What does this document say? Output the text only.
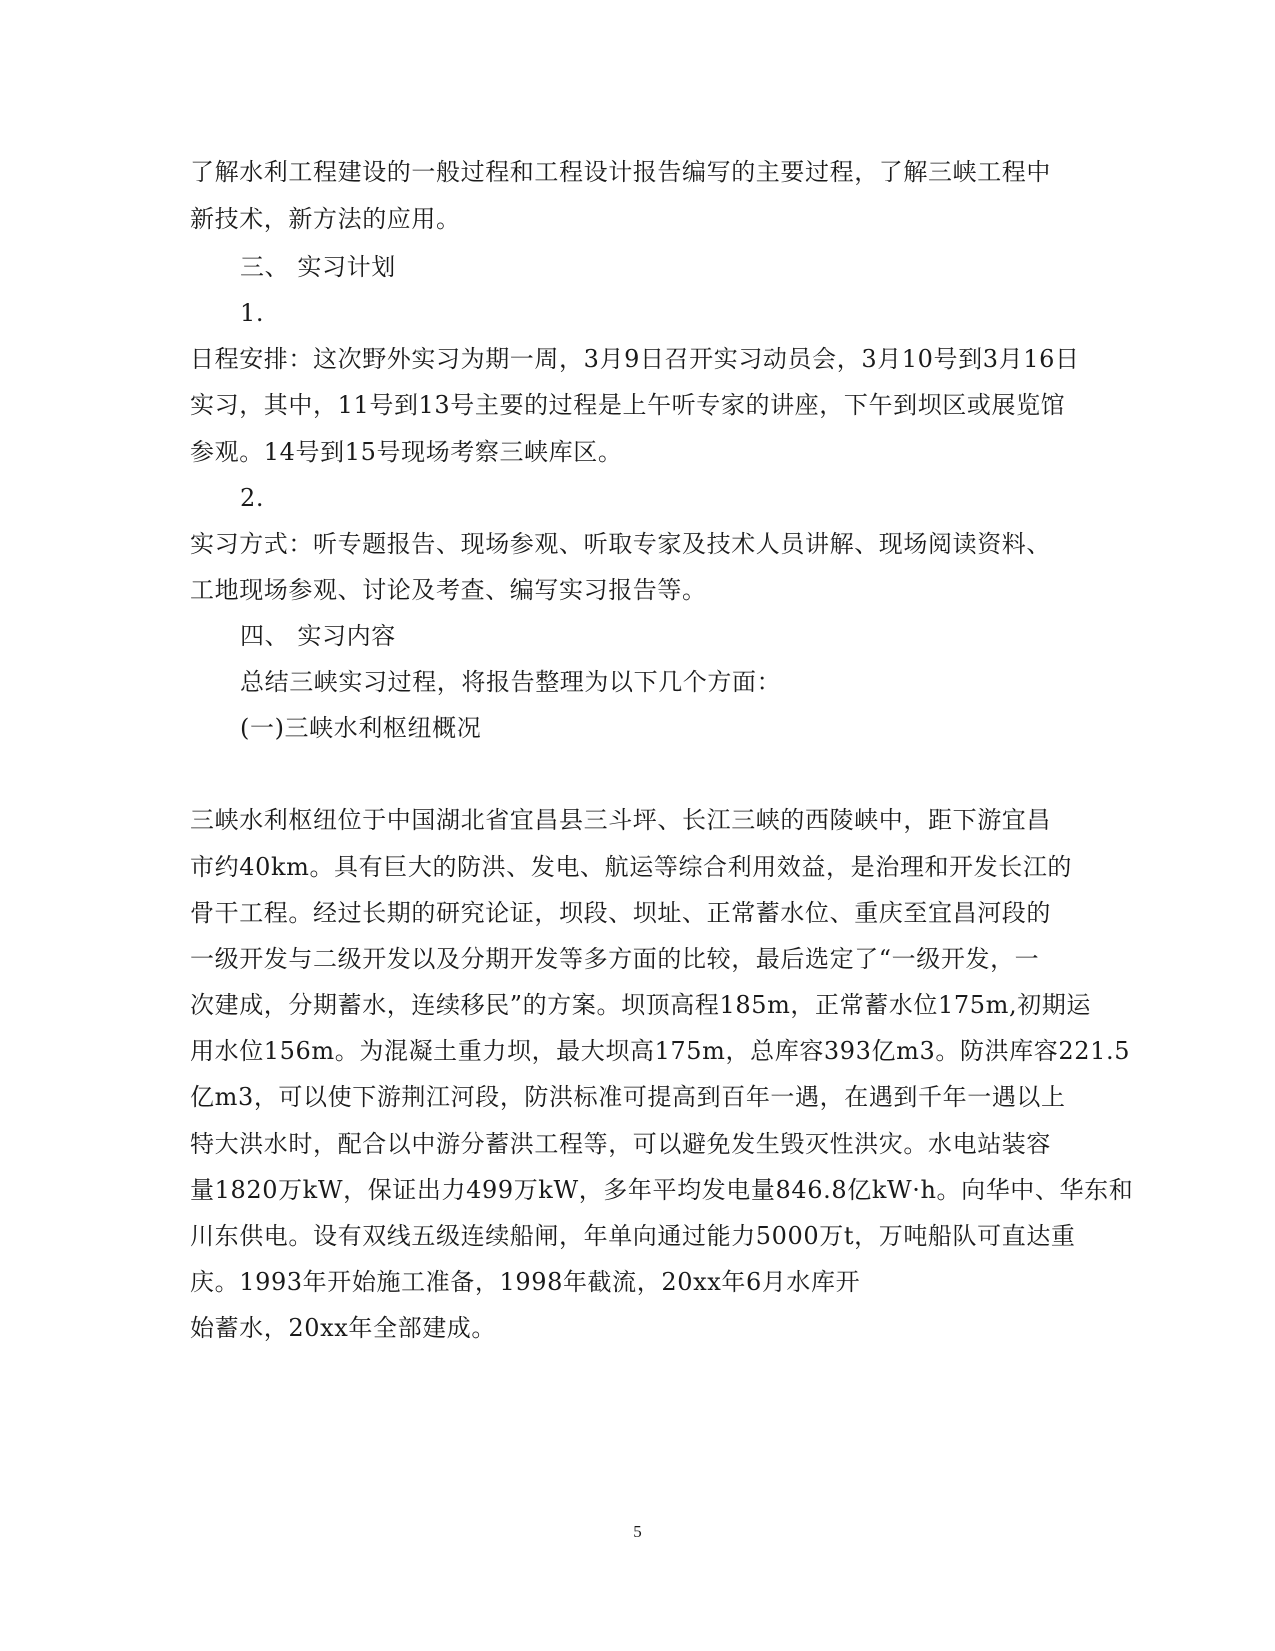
了解水利工程建设的一般过程和工程设计报告编写的主要过程，了解三峡工程中
新技术，新方法的应用。
三、 实习计划
1.
日程安排：这次野外实习为期一周，3月9日召开实习动员会，3月10号到3月16日
实习，其中，11号到13号主要的过程是上午听专家的讲座，下午到坝区或展览馆
参观。14号到15号现场考察三峡库区。
2.
实习方式：听专题报告、现场参观、听取专家及技术人员讲解、现场阅读资料、
工地现场参观、讨论及考查、编写实习报告等。
四、 实习内容
总结三峡实习过程，将报告整理为以下几个方面：
(一)三峡水利枢纽概况
三峡水利枢纽位于中国湖北省宜昌县三斗坪、长江三峡的西陵峡中，距下游宜昌
市约40km。具有巨大的防洪、发电、航运等综合利用效益，是治理和开发长江的
骨干工程。经过长期的研究论证，坝段、坝址、正常蓄水位、重庆至宜昌河段的
一级开发与二级开发以及分期开发等多方面的比较，最后选定了“一级开发，一
次建成，分期蓄水，连续移民”的方案。坝顶高程185m，正常蓄水位175m,初期运
用水位156m。为混凝土重力坝，最大坝高175m，总库容393亿m3。防洪库容221.5
亿m3，可以使下游荆江河段，防洪标准可提高到百年一遇，在遇到千年一遇以上
特大洪水时，配合以中游分蓄洪工程等，可以避免发生毁灭性洪灾。水电站装容
量1820万kW，保证出力499万kW，多年平均发电量846.8亿kW·h。向华中、华东和
川东供电。设有双线五级连续船闸，年单向通过能力5000万t，万吨船队可直达重
庆。1993年开始施工准备，1998年截流，20xx年6月水库开
始蓄水，20xx年全部建成。
5
